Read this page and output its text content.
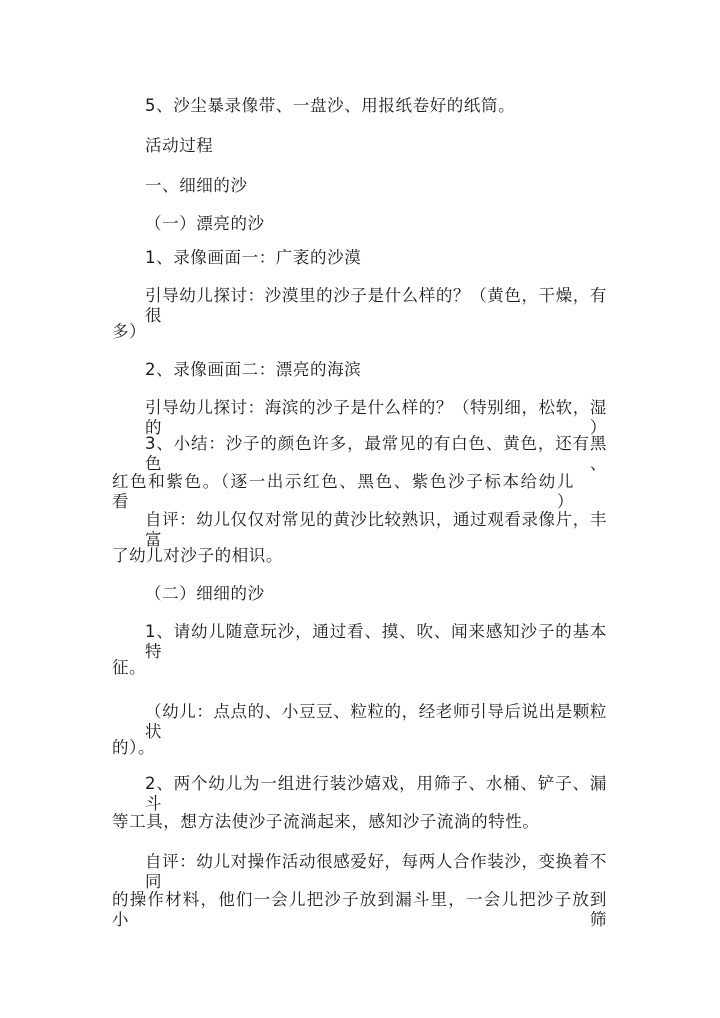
5、沙尘暴录像带、一盘沙、用报纸卷好的纸筒。
活动过程
一、细细的沙
（一）漂亮的沙
1、录像画面一：广袤的沙漠
引导幼儿探讨：沙漠里的沙子是什么样的？（黄色，干燥，有很
多）
2、录像画面二：漂亮的海滨
引导幼儿探讨：海滨的沙子是什么样的？（特别细，松软，湿的）
3、小结：沙子的颜色许多，最常见的有白色、黄色，还有黑色、
红色和紫色。（逐一出示红色、黑色、紫色沙子标本给幼儿看）
自评：幼儿仅仅对常见的黄沙比较熟识，通过观看录像片，丰富
了幼儿对沙子的相识。
（二）细细的沙
1、请幼儿随意玩沙，通过看、摸、吹、闻来感知沙子的基本特
征。
（幼儿：点点的、小豆豆、粒粒的，经老师引导后说出是颗粒状
的）。
2、两个幼儿为一组进行装沙嬉戏，用筛子、水桶、铲子、漏斗
等工具，想方法使沙子流淌起来，感知沙子流淌的特性。
自评：幼儿对操作活动很感爱好，每两人合作装沙，变换着不同
的操作材料，他们一会儿把沙子放到漏斗里，一会儿把沙子放到小筛
